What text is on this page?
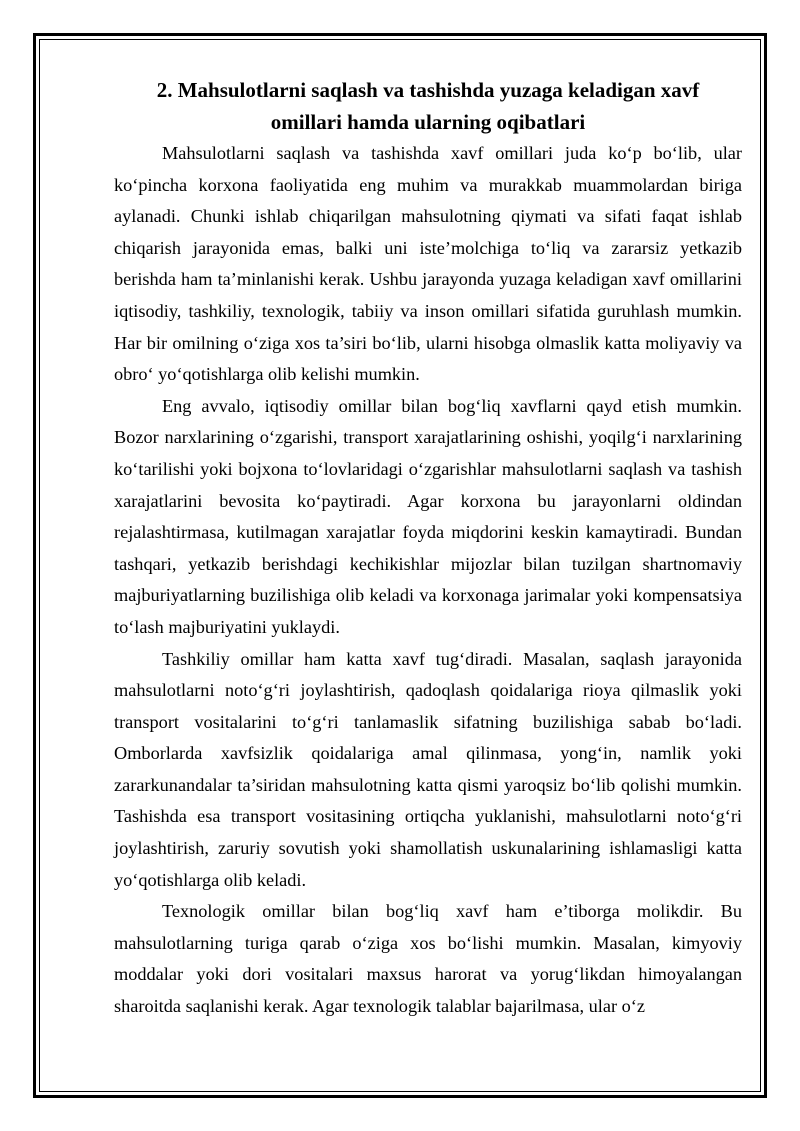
2. Mahsulotlarni saqlash va tashishda yuzaga keladigan xavf omillari hamda ularning oqibatlari

Mahsulotlarni saqlash va tashishda xavf omillari juda ko‘p bo‘lib, ular ko‘pincha korxona faoliyatida eng muhim va murakkab muammolardan biriga aylanadi. Chunki ishlab chiqarilgan mahsulotning qiymati va sifati faqat ishlab chiqarish jarayonida emas, balki uni iste’molchiga to‘liq va zararsiz yetkazib berishda ham ta’minlanishi kerak. Ushbu jarayonda yuzaga keladigan xavf omillarini iqtisodiy, tashkiliy, texnologik, tabiiy va inson omillari sifatida guruhlash mumkin. Har bir omilning o‘ziga xos ta’siri bo‘lib, ularni hisobga olmaslik katta moliyaviy va obro‘ yo‘qotishlarga olib kelishi mumkin.

Eng avvalo, iqtisodiy omillar bilan bog‘liq xavflarni qayd etish mumkin. Bozor narxlarining o‘zgarishi, transport xarajatlarining oshishi, yoqilg‘i narxlarining ko‘tarilishi yoki bojxona to‘lovlaridagi o‘zgarishlar mahsulotlarni saqlash va tashish xarajatlarini bevosita ko‘paytiradi. Agar korxona bu jarayonlarni oldindan rejalashtirmasa, kutilmagan xarajatlar foyda miqdorini keskin kamaytiradi. Bundan tashqari, yetkazib berishdagi kechikishlar mijozlar bilan tuzilgan shartnomaviy majburiyatlarning buzilishiga olib keladi va korxonaga jarimalar yoki kompensatsiya to‘lash majburiyatini yuklaydi.

Tashkiliy omillar ham katta xavf tug‘diradi. Masalan, saqlash jarayonida mahsulotlarni noto‘g‘ri joylashtirish, qadoqlash qoidalariga rioya qilmaslik yoki transport vositalarini to‘g‘ri tanlamaslik sifatning buzilishiga sabab bo‘ladi. Omborlarda xavfsizlik qoidalariga amal qilinmasa, yong‘in, namlik yoki zararkunandalar ta’siridan mahsulotning katta qismi yaroqsiz bo‘lib qolishi mumkin. Tashishda esa transport vositasining ortiqcha yuklanishi, mahsulotlarni noto‘g‘ri joylashtirish, zaruriy sovutish yoki shamollatish uskunalarining ishlamasligi katta yo‘qotishlarga olib keladi.

Texnologik omillar bilan bog‘liq xavf ham e’tiborga molikdir. Bu mahsulotlarning turiga qarab o‘ziga xos bo‘lishi mumkin. Masalan, kimyoviy moddalar yoki dori vositalari maxsus harorat va yorug‘likdan himoyalangan sharoitda saqlanishi kerak. Agar texnologik talablar bajarilmasa, ular o‘z
